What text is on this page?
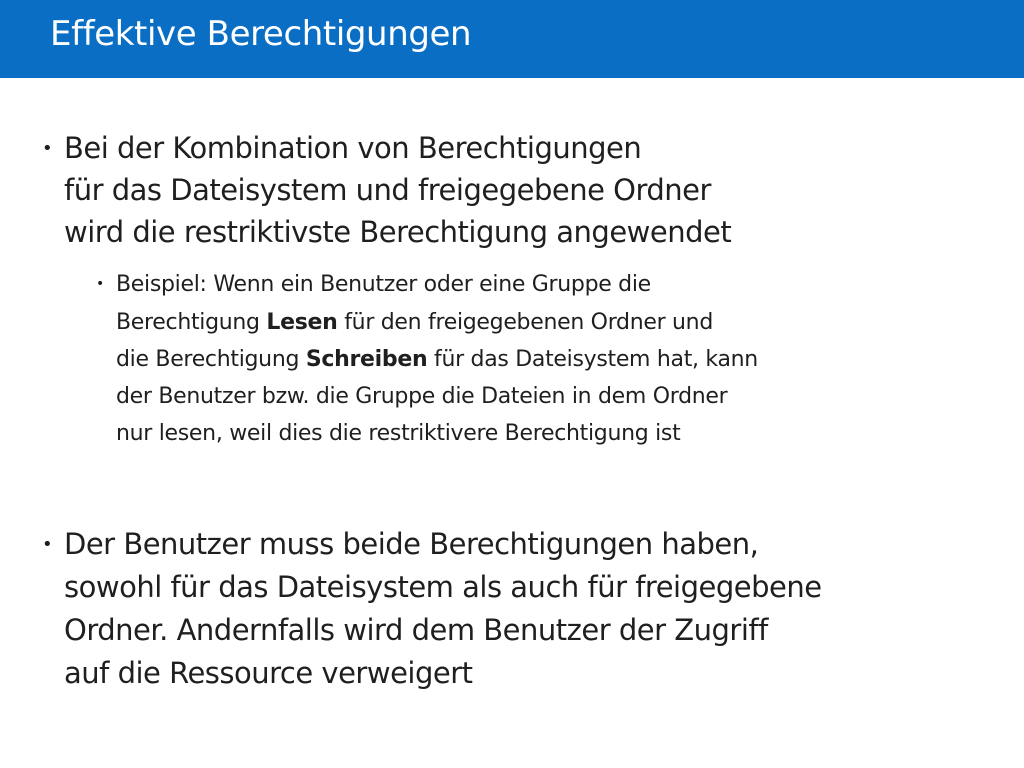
Effektive Berechtigungen
• Bei der Kombination von Berechtigungen
für das Dateisystem und freigegebene Ordner
wird die restriktivste Berechtigung angewendet
• Beispiel: Wenn ein Benutzer oder eine Gruppe die
Berechtigung Lesen für den freigegebenen Ordner und
die Berechtigung Schreiben für das Dateisystem hat, kann
der Benutzer bzw. die Gruppe die Dateien in dem Ordner
nur lesen, weil dies die restriktivere Berechtigung ist
• Der Benutzer muss beide Berechtigungen haben,
sowohl für das Dateisystem als auch für freigegebene
Ordner. Andernfalls wird dem Benutzer der Zugriff
auf die Ressource verweigert
